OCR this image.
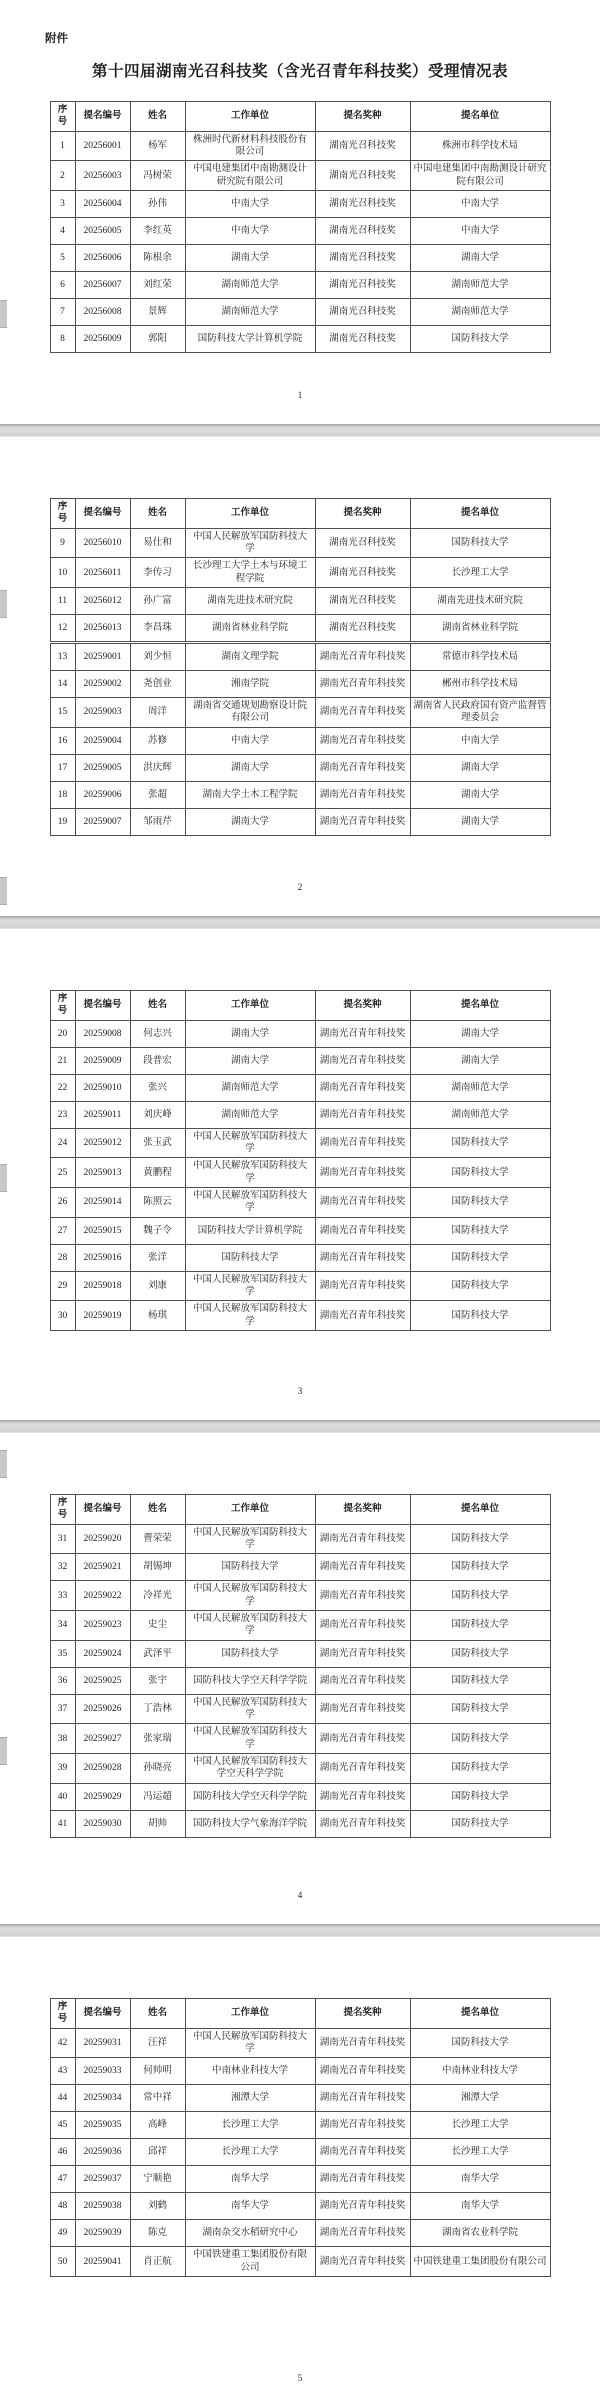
附件
第十四届湖南光召科技奖（含光召青年科技奖）受理情况表
序号	提名编号	姓名	工作单位	提名奖种	提名单位
1	20256001	杨军	株洲时代新材料科技股份有限公司	湖南光召科技奖	株洲市科学技术局
2	20256003	冯树荣	中国电建集团中南勘测设计研究院有限公司	湖南光召科技奖	中国电建集团中南勘测设计研究院有限公司
3	20256004	孙伟	中南大学	湖南光召科技奖	中南大学
4	20256005	李红英	中南大学	湖南光召科技奖	中南大学
5	20256006	陈根余	湖南大学	湖南光召科技奖	湖南大学
6	20256007	刘红荣	湖南师范大学	湖南光召科技奖	湖南师范大学
7	20256008	景辉	湖南师范大学	湖南光召科技奖	湖南师范大学
8	20256009	郭阳	国防科技大学计算机学院	湖南光召科技奖	国防科技大学
1
序号	提名编号	姓名	工作单位	提名奖种	提名单位
9	20256010	易仕和	中国人民解放军国防科技大学	湖南光召科技奖	国防科技大学
10	20256011	李传习	长沙理工大学土木与环境工程学院	湖南光召科技奖	长沙理工大学
11	20256012	孙广富	湖南先进技术研究院	湖南光召科技奖	湖南先进技术研究院
12	20256013	李昌珠	湖南省林业科学院	湖南光召科技奖	湖南省林业科学院
13	20259001	刘少恒	湖南文理学院	湖南光召青年科技奖	常德市科学技术局
14	20259002	尧创业	湘南学院	湖南光召青年科技奖	郴州市科学技术局
15	20259003	周洋	湖南省交通规划勘察设计院有限公司	湖南光召青年科技奖	湖南省人民政府国有资产监督管理委员会
16	20259004	苏修	中南大学	湖南光召青年科技奖	中南大学
17	20259005	洪庆辉	湖南大学	湖南光召青年科技奖	湖南大学
18	20259006	张超	湖南大学土木工程学院	湖南光召青年科技奖	湖南大学
19	20259007	邹雨芹	湖南大学	湖南光召青年科技奖	湖南大学
2
序号	提名编号	姓名	工作单位	提名奖种	提名单位
20	20259008	何志兴	湖南大学	湖南光召青年科技奖	湖南大学
21	20259009	段普宏	湖南大学	湖南光召青年科技奖	湖南大学
22	20259010	张兴	湖南师范大学	湖南光召青年科技奖	湖南师范大学
23	20259011	刘庆峰	湖南师范大学	湖南光召青年科技奖	湖南师范大学
24	20259012	张玉武	中国人民解放军国防科技大学	湖南光召青年科技奖	国防科技大学
25	20259013	黄鹏程	中国人民解放军国防科技大学	湖南光召青年科技奖	国防科技大学
26	20259014	陈照云	中国人民解放军国防科技大学	湖南光召青年科技奖	国防科技大学
27	20259015	魏子令	国防科技大学计算机学院	湖南光召青年科技奖	国防科技大学
28	20259016	张洋	国防科技大学	湖南光召青年科技奖	国防科技大学
29	20259018	刘康	中国人民解放军国防科技大学	湖南光召青年科技奖	国防科技大学
30	20259019	杨琪	中国人民解放军国防科技大学	湖南光召青年科技奖	国防科技大学
3
序号	提名编号	姓名	工作单位	提名奖种	提名单位
31	20259020	曹荣荣	中国人民解放军国防科技大学	湖南光召青年科技奖	国防科技大学
32	20259021	胡锡坤	国防科技大学	湖南光召青年科技奖	国防科技大学
33	20259022	冷祥光	中国人民解放军国防科技大学	湖南光召青年科技奖	国防科技大学
34	20259023	史尘	中国人民解放军国防科技大学	湖南光召青年科技奖	国防科技大学
35	20259024	武泽平	国防科技大学	湖南光召青年科技奖	国防科技大学
36	20259025	张宇	国防科技大学空天科学学院	湖南光召青年科技奖	国防科技大学
37	20259026	丁浩林	中国人民解放军国防科技大学	湖南光召青年科技奖	国防科技大学
38	20259027	张家瑞	中国人民解放军国防科技大学	湖南光召青年科技奖	国防科技大学
39	20259028	孙晓亮	中国人民解放军国防科技大学空天科学学院	湖南光召青年科技奖	国防科技大学
40	20259029	冯运超	国防科技大学空天科学学院	湖南光召青年科技奖	国防科技大学
41	20259030	胡帅	国防科技大学气象海洋学院	湖南光召青年科技奖	国防科技大学
4
序号	提名编号	姓名	工作单位	提名奖种	提名单位
42	20259031	汪祥	中国人民解放军国防科技大学	湖南光召青年科技奖	国防科技大学
43	20259033	何帅明	中南林业科技大学	湖南光召青年科技奖	中南林业科技大学
44	20259034	常中祥	湘潭大学	湖南光召青年科技奖	湘潭大学
45	20259035	高峰	长沙理工大学	湖南光召青年科技奖	长沙理工大学
46	20259036	邱祥	长沙理工大学	湖南光召青年科技奖	长沙理工大学
47	20259037	宁顺艳	南华大学	湖南光召青年科技奖	南华大学
48	20259038	刘鹤	南华大学	湖南光召青年科技奖	南华大学
49	20259039	陈克	湖南杂交水稻研究中心	湖南光召青年科技奖	湖南省农业科学院
50	20259041	肖正航	中国铁建重工集团股份有限公司	湖南光召青年科技奖	中国铁建重工集团股份有限公司
5
